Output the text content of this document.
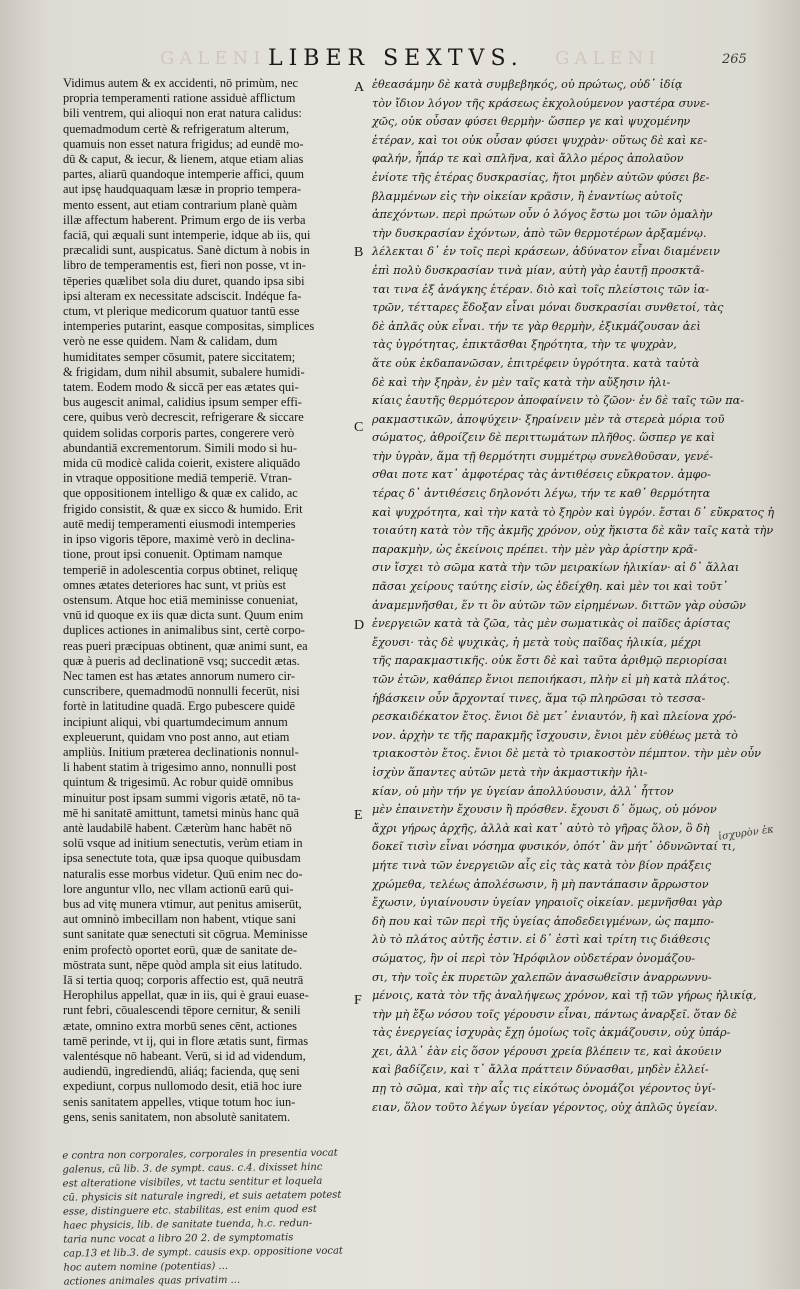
GALENI	GALENI
LIBER SEXTVS.	265
Vidimus autem & ex accidenti, nō primùm, nec
propria temperamenti ratione assiduè afflictum
bili ventrem, qui alioqui non erat natura calidus:
quemadmodum certè & refrigeratum alterum,
quamuis non esset natura frigidus; ad eundē mo-
dū & caput, & iecur, & lienem, atque etiam alias
partes, aliarū quandoque intemperie affici, quum
aut ipsę haudquaquam læsæ in proprio tempera-
mento essent, aut etiam contrarium planè quàm
illæ affectum haberent. Primum ergo de iis verba
faciā, qui æquali sunt intemperie, idque ab iis, qui
præcalidi sunt, auspicatus. Sanè dictum à nobis in
libro de temperamentis est, fieri non posse, vt in-
tēperies quælibet sola diu duret, quando ipsa sibi
ipsi alteram ex necessitate adsciscit. Indéque fa-
ctum, vt plerique medicorum quatuor tantū esse
intemperies putarint, easque compositas, simplices
verò ne esse quidem. Nam & calidam, dum
humiditates semper cōsumit, patere siccitatem;
& frigidam, dum nihil absumit, subalere humidi-
tatem. Eodem modo & siccā per eas ætates qui-
bus augescit animal, calidius ipsum semper effi-
cere, quibus verò decrescit, refrigerare & siccare
quidem solidas corporis partes, congerere verò
abundantiā excrementorum. Simili modo si hu-
mida cū modicè calida coierit, existere aliquādo
in vtraque oppositione mediā temperiē. Vtran-
que oppositionem intelligo & quæ ex calido, ac
frigido consistit, & quæ ex sicco & humido. Erit
autē medij temperamenti eiusmodi intemperies
in ipso vigoris tēpore, maximè verò in declina-
tione, prout ipsi conuenit. Optimam namque
temperiē in adolescentia corpus obtinet, reliquę
omnes ætates deteriores hac sunt, vt priùs est
ostensum. Atque hoc etiā meminisse conueniat,
vnū id quoque ex iis quæ dicta sunt. Quum enim
duplices actiones in animalibus sint, certè corpo-
reas pueri præcipuas obtinent, quæ animi sunt, ea
quæ à pueris ad declinationē vsq; succedit ætas.
Nec tamen est has ætates annorum numero cir-
cunscribere, quemadmodū nonnulli fecerūt, nisi
fortè in latitudine quadā. Ergo pubescere quidē
incipiunt aliqui, vbi quartumdecimum annum
expleuerunt, quidam vno post anno, aut etiam
ampliùs. Initium præterea declinationis nonnul-
li habent statim à trigesimo anno, nonnulli post
quintum & trigesimū. Ac robur quidē omnibus
minuitur post ipsam summi vigoris ætatē, nō ta-
mē hi sanitatē amittunt, tametsi minùs hanc quā
antè laudabilē habent. Cæterùm hanc habēt nō
solū vsque ad initium senectutis, verùm etiam in
ipsa senectute tota, quæ ipsa quoque quibusdam
naturalis esse morbus videtur. Quū enim nec do-
lore anguntur vllo, nec vllam actionū earū qui-
bus ad vitę munera vtimur, aut penitus amiserūt,
aut omninò imbecillam non habent, vtique sani
sunt sanitate quæ senectuti sit cōgrua. Meminisse
enim profectò oportet eorū, quæ de sanitate de-
mōstrata sunt, nēpe quòd ampla sit eius latitudo.
Iā si tertia quoq; corporis affectio est, quā neutrā
Herophilus appellat, quæ in iis, qui è graui euase-
runt febri, cōualescendi tēpore cernitur, & senili
ætate, omnino extra morbū senes cēnt, actiones
tamē perinde, vt ij, qui in flore ætatis sunt, firmas
valentésque nō habeant. Verū, si id ad videndum,
audiendū, ingrediendū, aliáq; facienda, quę seni
expediunt, corpus nullomodo desit, etiā hoc iure
senis sanitatem appelles, vtique totum hoc iun-
gens, senis sanitatem, non absolutè sanitatem.
ἐθεασάμην δὲ κατὰ συμβεβηκός, οὐ πρώτως, οὐδ᾽ ἰδίᾳ
τὸν ἴδιον λόγον τῆς κράσεως ἐκχολούμενον γαστέρα συνε-
χῶς, οὐκ οὖσαν φύσει θερμὴν· ὥσπερ γε καὶ ψυχομένην
ἑτέραν, καὶ τοι οὐκ οὖσαν φύσει ψυχρὰν· οὕτως δὲ καὶ κε-
φαλήν, ἧπάρ τε καὶ σπλῆνα, καὶ ἄλλο μέρος ἀπολαῦον
ἐνίοτε τῆς ἑτέρας δυσκρασίας, ἤτοι μηδὲν αὐτῶν φύσει βε-
βλαμμένων εἰς τὴν οἰκείαν κρᾶσιν, ἢ ἐναντίως αὐτοῖς
ἀπεχόντων. περὶ πρώτων οὖν ὁ λόγος ἔστω μοι τῶν ὁμαλὴν
τὴν δυσκρασίαν ἐχόντων, ἀπὸ τῶν θερμοτέρων ἀρξαμένῳ.
λέλεκται δ᾽ ἐν τοῖς περὶ κράσεων, ἀδύνατον εἶναι διαμένειν
ἐπὶ πολὺ δυσκρασίαν τινὰ μίαν, αὐτὴ γὰρ ἑαυτῇ προσκτᾶ-
ται τινα ἐξ ἀνάγκης ἑτέραν. διὸ καὶ τοῖς πλείστοις τῶν ἰα-
τρῶν, τέτταρες ἔδοξαν εἶναι μόναι δυσκρασίαι συνθετοί, τὰς
δὲ ἁπλᾶς οὐκ εἶναι. τήν τε γὰρ θερμὴν, ἐξικμάζουσαν ἀεὶ
τὰς ὑγρότητας, ἐπικτᾶσθαι ξηρότητα, τὴν τε ψυχρὰν,
ἅτε οὐκ ἐκδαπανῶσαν, ἐπιτρέφειν ὑγρότητα. κατὰ ταὐτὰ
δὲ καὶ τὴν ξηρὰν, ἐν μὲν ταῖς κατὰ τὴν αὔξησιν ἡλι-
κίαις ἑαυτῆς θερμότερον ἀποφαίνειν τὸ ζῶον· ἐν δὲ ταῖς τῶν πα-
ρακμαστικῶν, ἀποψύχειν· ξηραίνειν μὲν τὰ στερεὰ μόρια τοῦ
σώματος, ἀθροίζειν δὲ περιττωμάτων πλῆθος. ὥσπερ γε καὶ
τὴν ὑγρὰν, ἅμα τῇ θερμότητι συμμέτρῳ συνελθοῦσαν, γενέ-
σθαι ποτε κατ᾽ ἀμφοτέρας τὰς ἀντιθέσεις εὔκρατον. ἀμφο-
τέρας δ᾽ ἀντιθέσεις δηλονότι λέγω, τήν τε καθ᾽ θερμότητα
καὶ ψυχρότητα, καὶ τὴν κατὰ τὸ ξηρὸν καὶ ὑγρόν. ἔσται δ᾽ εὔκρατος ἡ
τοιαύτη κατὰ τὸν τῆς ἀκμῆς χρόνον, οὐχ ἥκιστα δὲ κἂν ταῖς κατὰ τὴν
παρακμὴν, ὡς ἐκείνοις πρέπει. τὴν μὲν γὰρ ἀρίστην κρᾶ-
σιν ἴσχει τὸ σῶμα κατὰ τὴν τῶν μειρακίων ἡλικίαν· αἱ δ᾽ ἄλλαι
πᾶσαι χείρους ταύτης εἰσίν, ὡς ἐδείχθη. καὶ μὲν τοι καὶ τοῦτ᾽
ἀναμεμνῆσθαι, ἕν τι ὂν αὐτῶν τῶν εἰρημένων. διττῶν γὰρ οὐσῶν
ἐνεργειῶν κατὰ τὰ ζῶα, τὰς μὲν σωματικὰς οἱ παῖδες ἀρίστας
ἔχουσι· τὰς δὲ ψυχικὰς, ἡ μετὰ τοὺς παῖδας ἡλικία, μέχρι
τῆς παρακμαστικῆς. οὐκ ἔστι δὲ καὶ ταῦτα ἀριθμῷ περιορίσαι
τῶν ἐτῶν, καθάπερ ἔνιοι πεποιήκασι, πλὴν εἰ μὴ κατὰ πλάτος.
ἡβάσκειν οὖν ἄρχονταί τινες, ἅμα τῷ πληρῶσαι τὸ τεσσα-
ρεσκαιδέκατον ἔτος. ἔνιοι δὲ μετ᾽ ἐνιαυτόν, ἢ καὶ πλείονα χρό-
νον. ἀρχὴν τε τῆς παρακμῆς ἴσχουσιν, ἔνιοι μὲν εὐθέως μετὰ τὸ
τριακοστὸν ἔτος. ἔνιοι δὲ μετὰ τὸ τριακοστὸν πέμπτον. τὴν μὲν οὖν
ἰσχὺν ἅπαντες αὐτῶν μετὰ τὴν ἀκμαστικὴν ἡλι-
κίαν, οὐ μὴν τήν γε ὑγείαν ἀπολλύουσιν, ἀλλ᾽ ἧττον
μὲν ἐπαινετὴν ἔχουσιν ἢ πρόσθεν. ἔχουσι δ᾽ ὅμως, οὐ μόνον
ἄχρι γήρως ἀρχῆς, ἀλλὰ καὶ κατ᾽ αὐτὸ τὸ γῆρας ὅλον, ὃ δὴ
δοκεῖ τισὶν εἶναι νόσημα φυσικόν, ὁπότ᾽ ἂν μήτ᾽ ὀδυνῶνταί τι,
μήτε τινὰ τῶν ἐνεργειῶν αἷς εἰς τὰς κατὰ τὸν βίον πράξεις
χρώμεθα, τελέως ἀπολέσωσιν, ἢ μὴ παντάπασιν ἄρρωστον
ἔχωσιν, ὑγιαίνουσιν ὑγείαν γηραιοῖς οἰκείαν. μεμνῆσθαι γὰρ
δὴ που καὶ τῶν περὶ τῆς ὑγείας ἀποδεδειγμένων, ὡς παμπο-
λὺ τὸ πλάτος αὐτῆς ἐστιν. εἰ δ᾽ ἐστὶ καὶ τρίτη τις διάθεσις
σώματος, ἣν οἱ περὶ τὸν Ἡρόφιλον οὐδετέραν ὀνομάζου-
σι, τὴν τοῖς ἐκ πυρετῶν χαλεπῶν ἀνασωθεῖσιν ἀναρρωννυ-
μένοις, κατὰ τὸν τῆς ἀναλήψεως χρόνον, καὶ τῇ τῶν γήρως ἡλικίᾳ,
τὴν μὴ ἔξω νόσου τοῖς γέρουσιν εἶναι, πάντως ἀναρξεῖ. ὅταν δὲ
τὰς ἐνεργείας ἰσχυρὰς ἔχῃ ὁμοίως τοῖς ἀκμάζουσιν, οὐχ ὑπάρ-
χει, ἀλλ᾽ ἐὰν εἰς ὅσον γέρουσι χρεία βλέπειν τε, καὶ ἀκούειν
καὶ βαδίζειν, καὶ τ᾽ ἄλλα πράττειν δύνασθαι, μηδὲν ἐλλεί-
πῃ τὸ σῶμα, καὶ τὴν αἷς τις εἰκότως ὀνομάζοι γέροντος ὑγί-
ειαν, ὅλον τοῦτο λέγων ὑγείαν γέροντος, οὐχ ἁπλῶς ὑγείαν.
A
B
C
D
E
F
ἰσχυρὸν ἐκ
e contra non corporales, corporales in presentia vocat
galenus, cū lib. 3. de sympt. caus. c.4. dixisset hinc
est alteratione visibiles, vt tactu sentitur et loquela
cū. physicis sit naturale ingredi, et suis aetatem potest
esse, distinguere etc. stabilitas, est enim quod est
haec physicis, lib. de sanitate tuenda, h.c. redun-
taria nunc vocat a libro 20 2. de symptomatis
cap.13 et lib.3. de sympt. causis exp. oppositione vocat
hoc autem nomine (potentias) ...
actiones animales quas privatim ...
